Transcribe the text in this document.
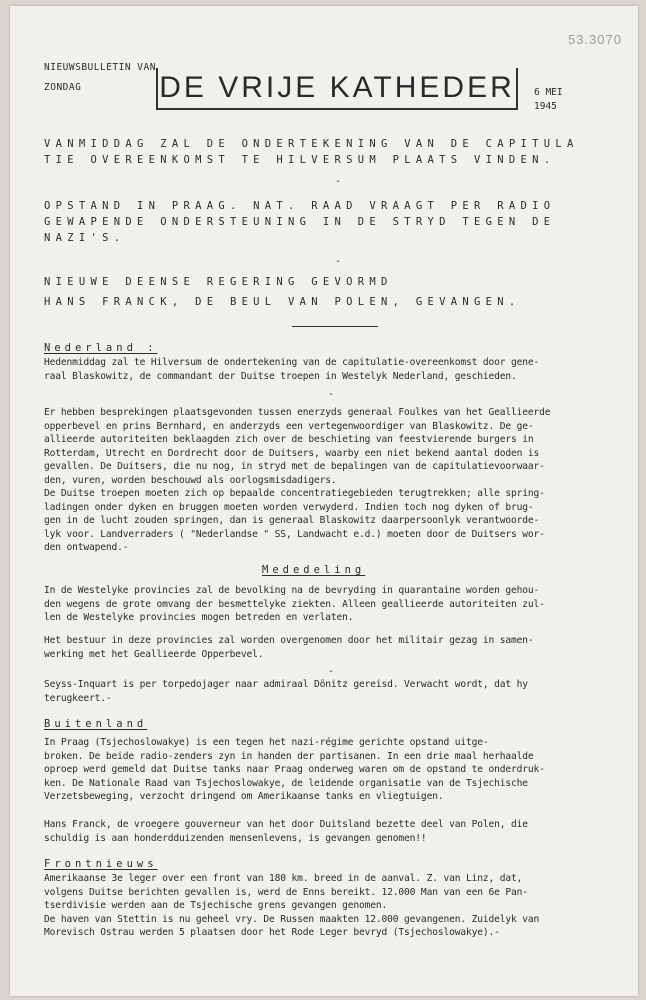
53.3070
NIEUWSBULLETIN VAN
ZONDAG	DE VRIJE KATHEDER 6 MEI
1945
VANMIDDAG ZAL DE ONDERTEKENING VAN DE CAPITULA
TIE OVEREENKOMST TE HILVERSUM PLAATS VINDEN.
-
OPSTAND IN PRAAG. NAT. RAAD VRAAGT PER RADIO
GEWAPENDE ONDERSTEUNING IN DE STRYD TEGEN DE
NAZI'S.
-
NIEUWE DEENSE REGERING GEVORMD
HANS FRANCK, DE BEUL VAN POLEN, GEVANGEN.
Nederland :
Hedenmiddag zal te Hilversum de ondertekening van de capitulatie-overeenkomst door gene-
raal Blaskowitz, de commandant der Duitse troepen in Westelyk Nederland, geschieden.
-
Er hebben besprekingen plaatsgevonden tussen enerzyds generaal Foulkes van het Geallieerde
opperbevel en prins Bernhard, en anderzyds een vertegenwoordiger van Blaskowitz. De ge-
allieerde autoriteiten beklaagden zich over de beschieting van feestvierende burgers in
Rotterdam, Utrecht en Dordrecht door de Duitsers, waarby een niet bekend aantal doden is
gevallen. De Duitsers, die nu nog, in stryd met de bepalingen van de capitulatievoorwaar-
den, vuren, worden beschouwd als oorlogsmisdadigers.
De Duitse troepen moeten zich op bepaalde concentratiegebieden terugtrekken; alle spring-
ladingen onder dyken en bruggen moeten worden verwyderd. Indien toch nog dyken of brug-
gen in de lucht zouden springen, dan is generaal Blaskowitz daarpersoonlyk verantwoorde-
lyk voor. Landverraders ( "Nederlandse " SS, Landwacht e.d.) moeten door de Duitsers wor-
den ontwapend.-
Mededeling
In de Westelyke provincies zal de bevolking na de bevryding in quarantaine worden gehou-
den wegens de grote omvang der besmettelyke ziekten. Alleen geallieerde autoriteiten zul-
len de Westelyke provincies mogen betreden en verlaten.
Het bestuur in deze provincies zal worden overgenomen door het militair gezag in samen-
werking met het Geallieerde Opperbevel.
-
Seyss-Inquart is per torpedojager naar admiraal Dönitz gereisd. Verwacht wordt, dat hy
terugkeert.-
Buitenland
In Praag (Tsjechoslowakye) is een tegen het nazi-régime gerichte opstand uitge-
broken. De beide radio-zenders zyn in handen der partisanen. In een drie maal herhaalde
oproep werd gemeld dat Duitse tanks naar Praag onderweg waren om de opstand te onderdruk-
ken. De Nationale Raad van Tsjechoslowakye, de leidende organisatie van de Tsjechische
Verzetsbeweging, verzocht dringend om Amerikaanse tanks en vliegtuigen.
Hans Franck, de vroegere gouverneur van het door Duitsland bezette deel van Polen, die
schuldig is aan honderdduizenden mensenlevens, is gevangen genomen!!
Frontnieuws
Amerikaanse 3e leger over een front van 180 km. breed in de aanval. Z. van Linz, dat,
volgens Duitse berichten gevallen is, werd de Enns bereikt. 12.000 Man van een 6e Pan-
tserdivisie werden aan de Tsjechische grens gevangen genomen.
De haven van Stettin is nu geheel vry. De Russen maakten 12.000 gevangenen. Zuidelyk van
Morevisch Ostrau werden 5 plaatsen door het Rode Leger bevryd (Tsjechoslowakye).-
